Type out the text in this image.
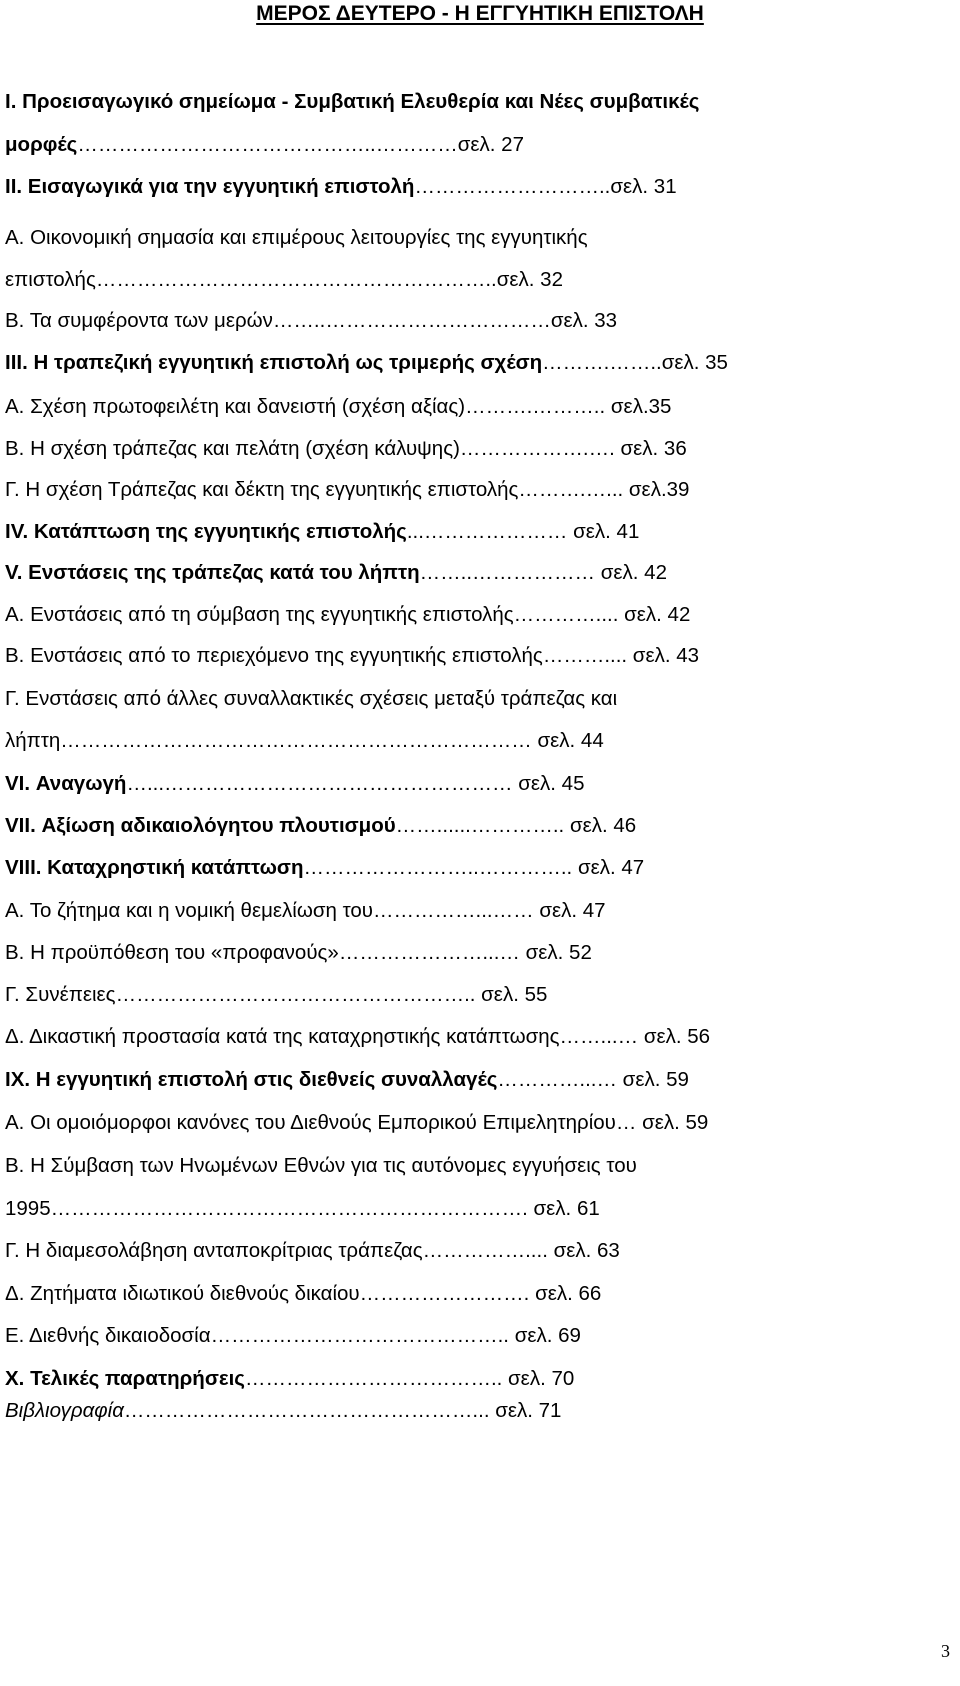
ΜΕΡΟΣ ΔΕΥΤΕΡΟ - Η ΕΓΓΥΗΤΙΚΗ ΕΠΙΣΤΟΛΗ
Ι. Προεισαγωγικό σημείωμα - Συμβατική Ελευθερία και Νέες συμβατικές
μορφές……………………………………..…………σελ. 27
ΙΙ. Εισαγωγικά για την εγγυητική επιστολή………………………..σελ. 31
Α. Οικονομική σημασία και επιμέρους λειτουργίες της εγγυητικής
επιστολής…………………………………………………..σελ. 32
Β. Τα συμφέροντα των μερών……..……………………………σελ. 33
ΙΙΙ. Η τραπεζική εγγυητική επιστολή ως τριμερής σχέση……….……..σελ. 35
Α. Σχέση πρωτοφειλέτη και δανειστή (σχέση αξίας)……….……….. σελ.35
Β. Η σχέση τράπεζας και πελάτη (σχέση κάλυψης)……………….…. σελ. 36
Γ. Η σχέση Τράπεζας και δέκτη της εγγυητικής επιστολής……….…... σελ.39
ΙV. Κατάπτωση της εγγυητικής επιστολής...………………… σελ. 41
V. Ενστάσεις της τράπεζας κατά του λήπτη……..……………… σελ. 42
Α. Ενστάσεις από τη σύμβαση της εγγυητικής επιστολής………….... σελ. 42
Β. Ενστάσεις από το περιεχόμενο της εγγυητικής επιστολής……….... σελ. 43
Γ. Ενστάσεις από άλλες συναλλακτικές σχέσεις μεταξύ τράπεζας και
λήπτη…………………………………………………………… σελ. 44
VI. Αναγωγή…...…………………………………………… σελ. 45
VII. Αξίωση αδικαιολόγητου πλουτισμού……......………….. σελ. 46
VIII. Καταχρηστική κατάπτωση……………………..………….. σελ. 47
Α. Το ζήτημα και η νομική θεμελίωση του……………...…… σελ. 47
Β. Η προϋπόθεση του «προφανούς»…………………...… σελ. 52
Γ. Συνέπειες…………………………………………….. σελ. 55
Δ. Δικαστική προστασία κατά της καταχρηστικής κατάπτωσης……...… σελ. 56
IX. Η εγγυητική επιστολή στις διεθνείς συναλλαγές…………...… σελ. 59
Α. Οι ομοιόμορφοι κανόνες του Διεθνούς Εμπορικού Επιμελητηρίου… σελ. 59
Β. Η Σύμβαση των Ηνωμένων Εθνών για τις αυτόνομες εγγυήσεις του
1995……………………………………………………………. σελ. 61
Γ. Η διαμεσολάβηση ανταποκρίτριας τράπεζας…………….... σελ. 63
Δ. Ζητήματα ιδιωτικού διεθνούς δικαίου……………………. σελ. 66
Ε. Διεθνής δικαιοδοσία…………………………………….. σελ. 69
Χ. Τελικές παρατηρήσεις……………………………….. σελ. 70
Βιβλιογραφία……………………………………………... σελ. 71
3
